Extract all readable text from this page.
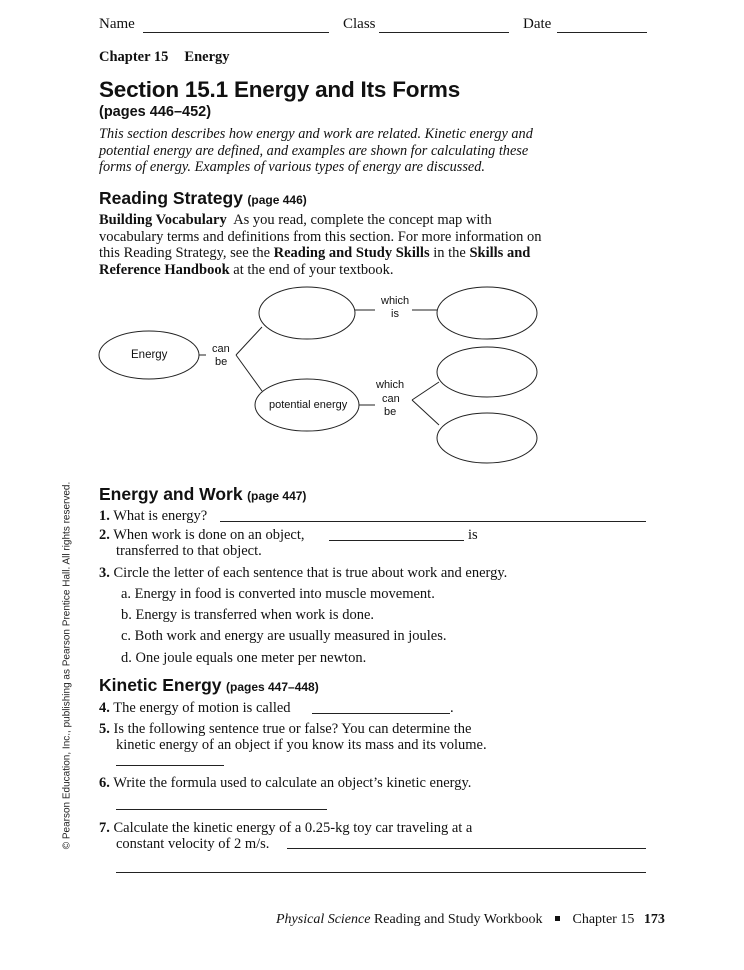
Name	Class	Date
Chapter 15 Energy
Section 15.1 Energy and Its Forms
(pages 446–452)
This section describes how energy and work are related. Kinetic energy and potential energy are defined, and examples are shown for calculating these forms of energy. Examples of various types of energy are discussed.
Reading Strategy (page 446)
Building Vocabulary As you read, complete the concept map with vocabulary terms and definitions from this section. For more information on this Reading Strategy, see the Reading and Study Skills in the Skills and Reference Handbook at the end of your textbook.
Energy	can
be
which
is
potential energy
which
can
be
Energy and Work (page 447)
1. What is energy?
2. When work is done on an object,	is
transferred to that object.
3. Circle the letter of each sentence that is true about work and energy.
a. Energy in food is converted into muscle movement.
b. Energy is transferred when work is done.
c. Both work and energy are usually measured in joules.
d. One joule equals one meter per newton.
Kinetic Energy (pages 447–448)
4. The energy of motion is called	.
5. Is the following sentence true or false? You can determine the
kinetic energy of an object if you know its mass and its volume.
6. Write the formula used to calculate an object’s kinetic energy.
7. Calculate the kinetic energy of a 0.25-kg toy car traveling at a
constant velocity of 2 m/s.
© Pearson Education, Inc., publishing as Pearson Prentice Hall. All rights reserved.
Physical Science Reading and Study Workbook Chapter 15 173
